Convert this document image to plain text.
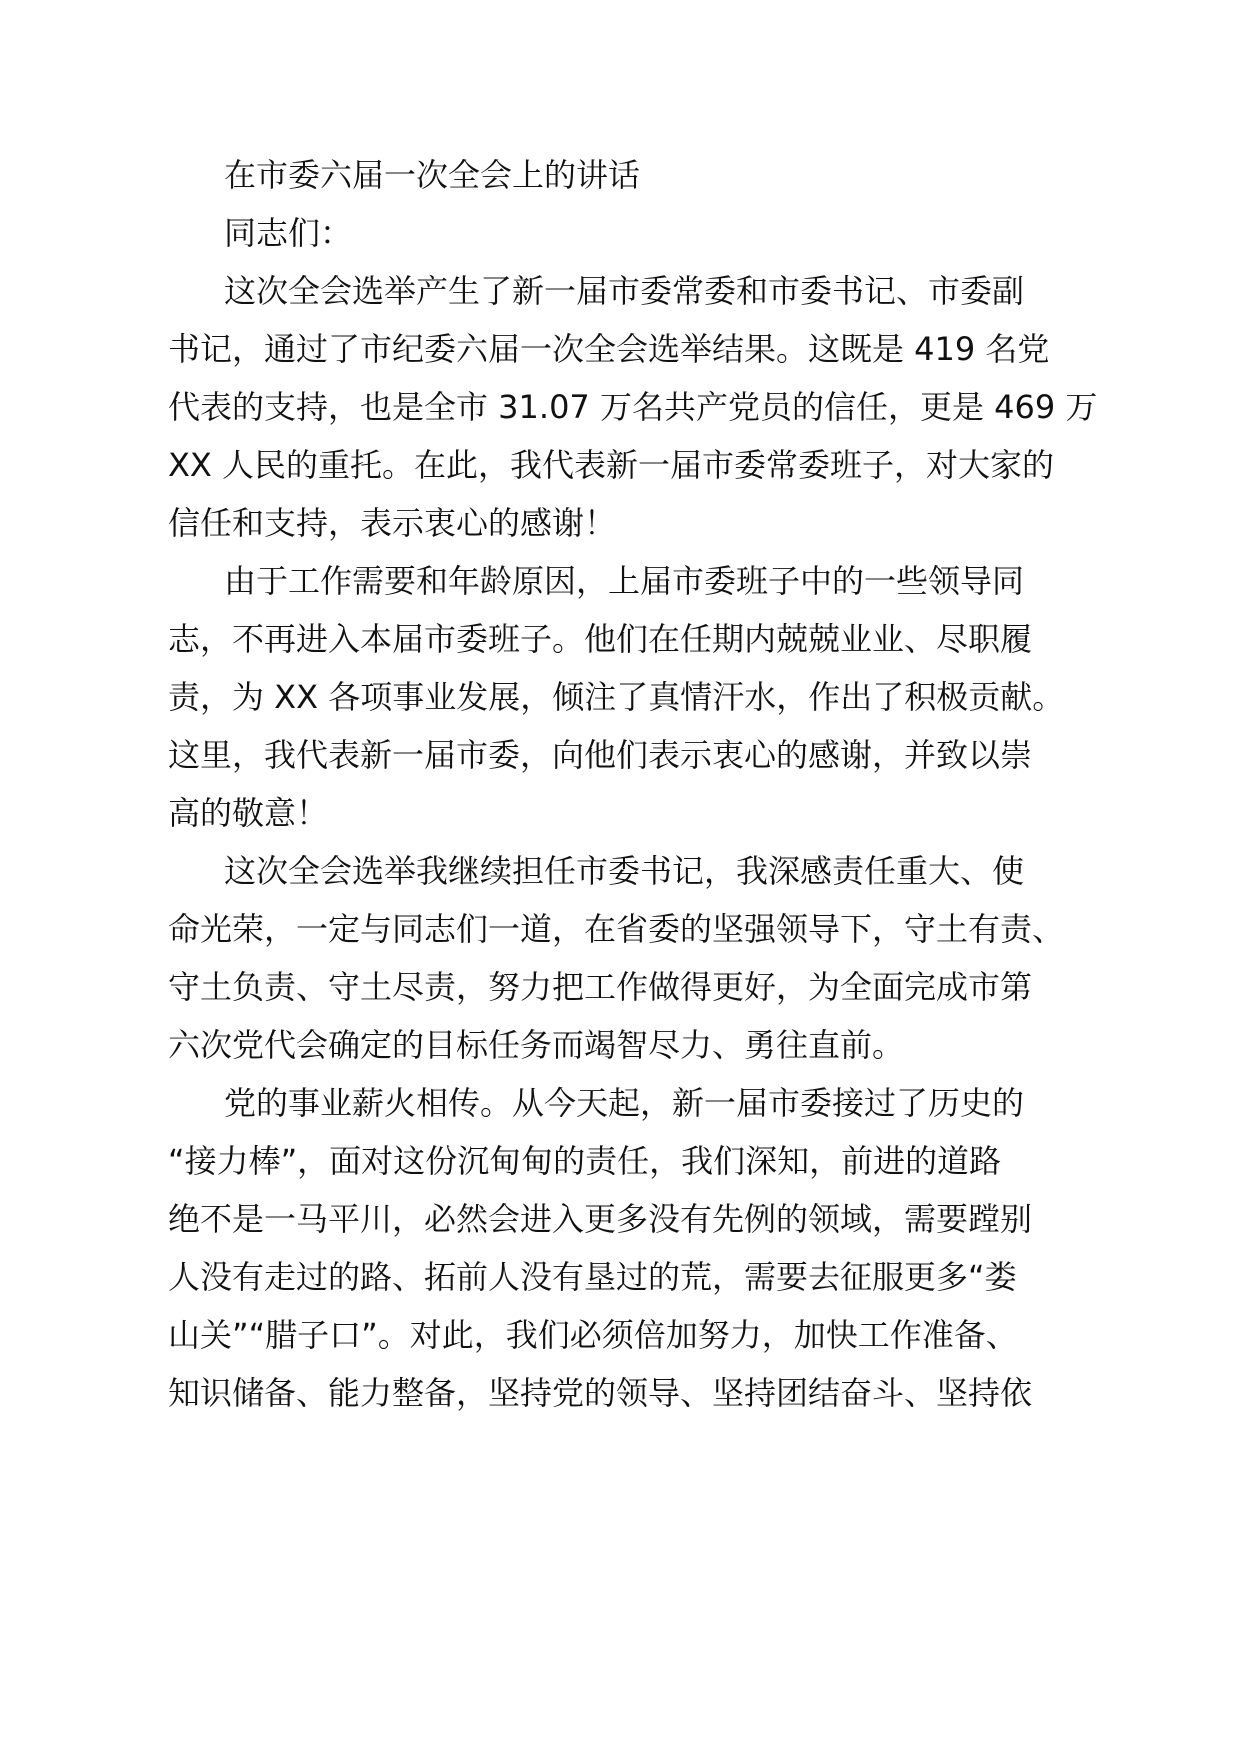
在市委六届一次全会上的讲话

同志们：

这次全会选举产生了新一届市委常委和市委书记、市委副

书记，通过了市纪委六届一次全会选举结果。这既是 419 名党

代表的支持，也是全市 31.07 万名共产党员的信任，更是 469 万

XX 人民的重托。在此，我代表新一届市委常委班子，对大家的

信任和支持，表示衷心的感谢！

由于工作需要和年龄原因，上届市委班子中的一些领导同

志，不再进入本届市委班子。他们在任期内兢兢业业、尽职履

责，为 XX 各项事业发展，倾注了真情汗水，作出了积极贡献。

这里，我代表新一届市委，向他们表示衷心的感谢，并致以崇

高的敬意！

这次全会选举我继续担任市委书记，我深感责任重大、使

命光荣，一定与同志们一道，在省委的坚强领导下，守土有责、

守土负责、守土尽责，努力把工作做得更好，为全面完成市第

六次党代会确定的目标任务而竭智尽力、勇往直前。

党的事业薪火相传。从今天起，新一届市委接过了历史的

“接力棒”，面对这份沉甸甸的责任，我们深知，前进的道路

绝不是一马平川，必然会进入更多没有先例的领域，需要蹚别

人没有走过的路、拓前人没有垦过的荒，需要去征服更多“娄

山关”“腊子口”。对此，我们必须倍加努力，加快工作准备、

知识储备、能力整备，坚持党的领导、坚持团结奋斗、坚持依
